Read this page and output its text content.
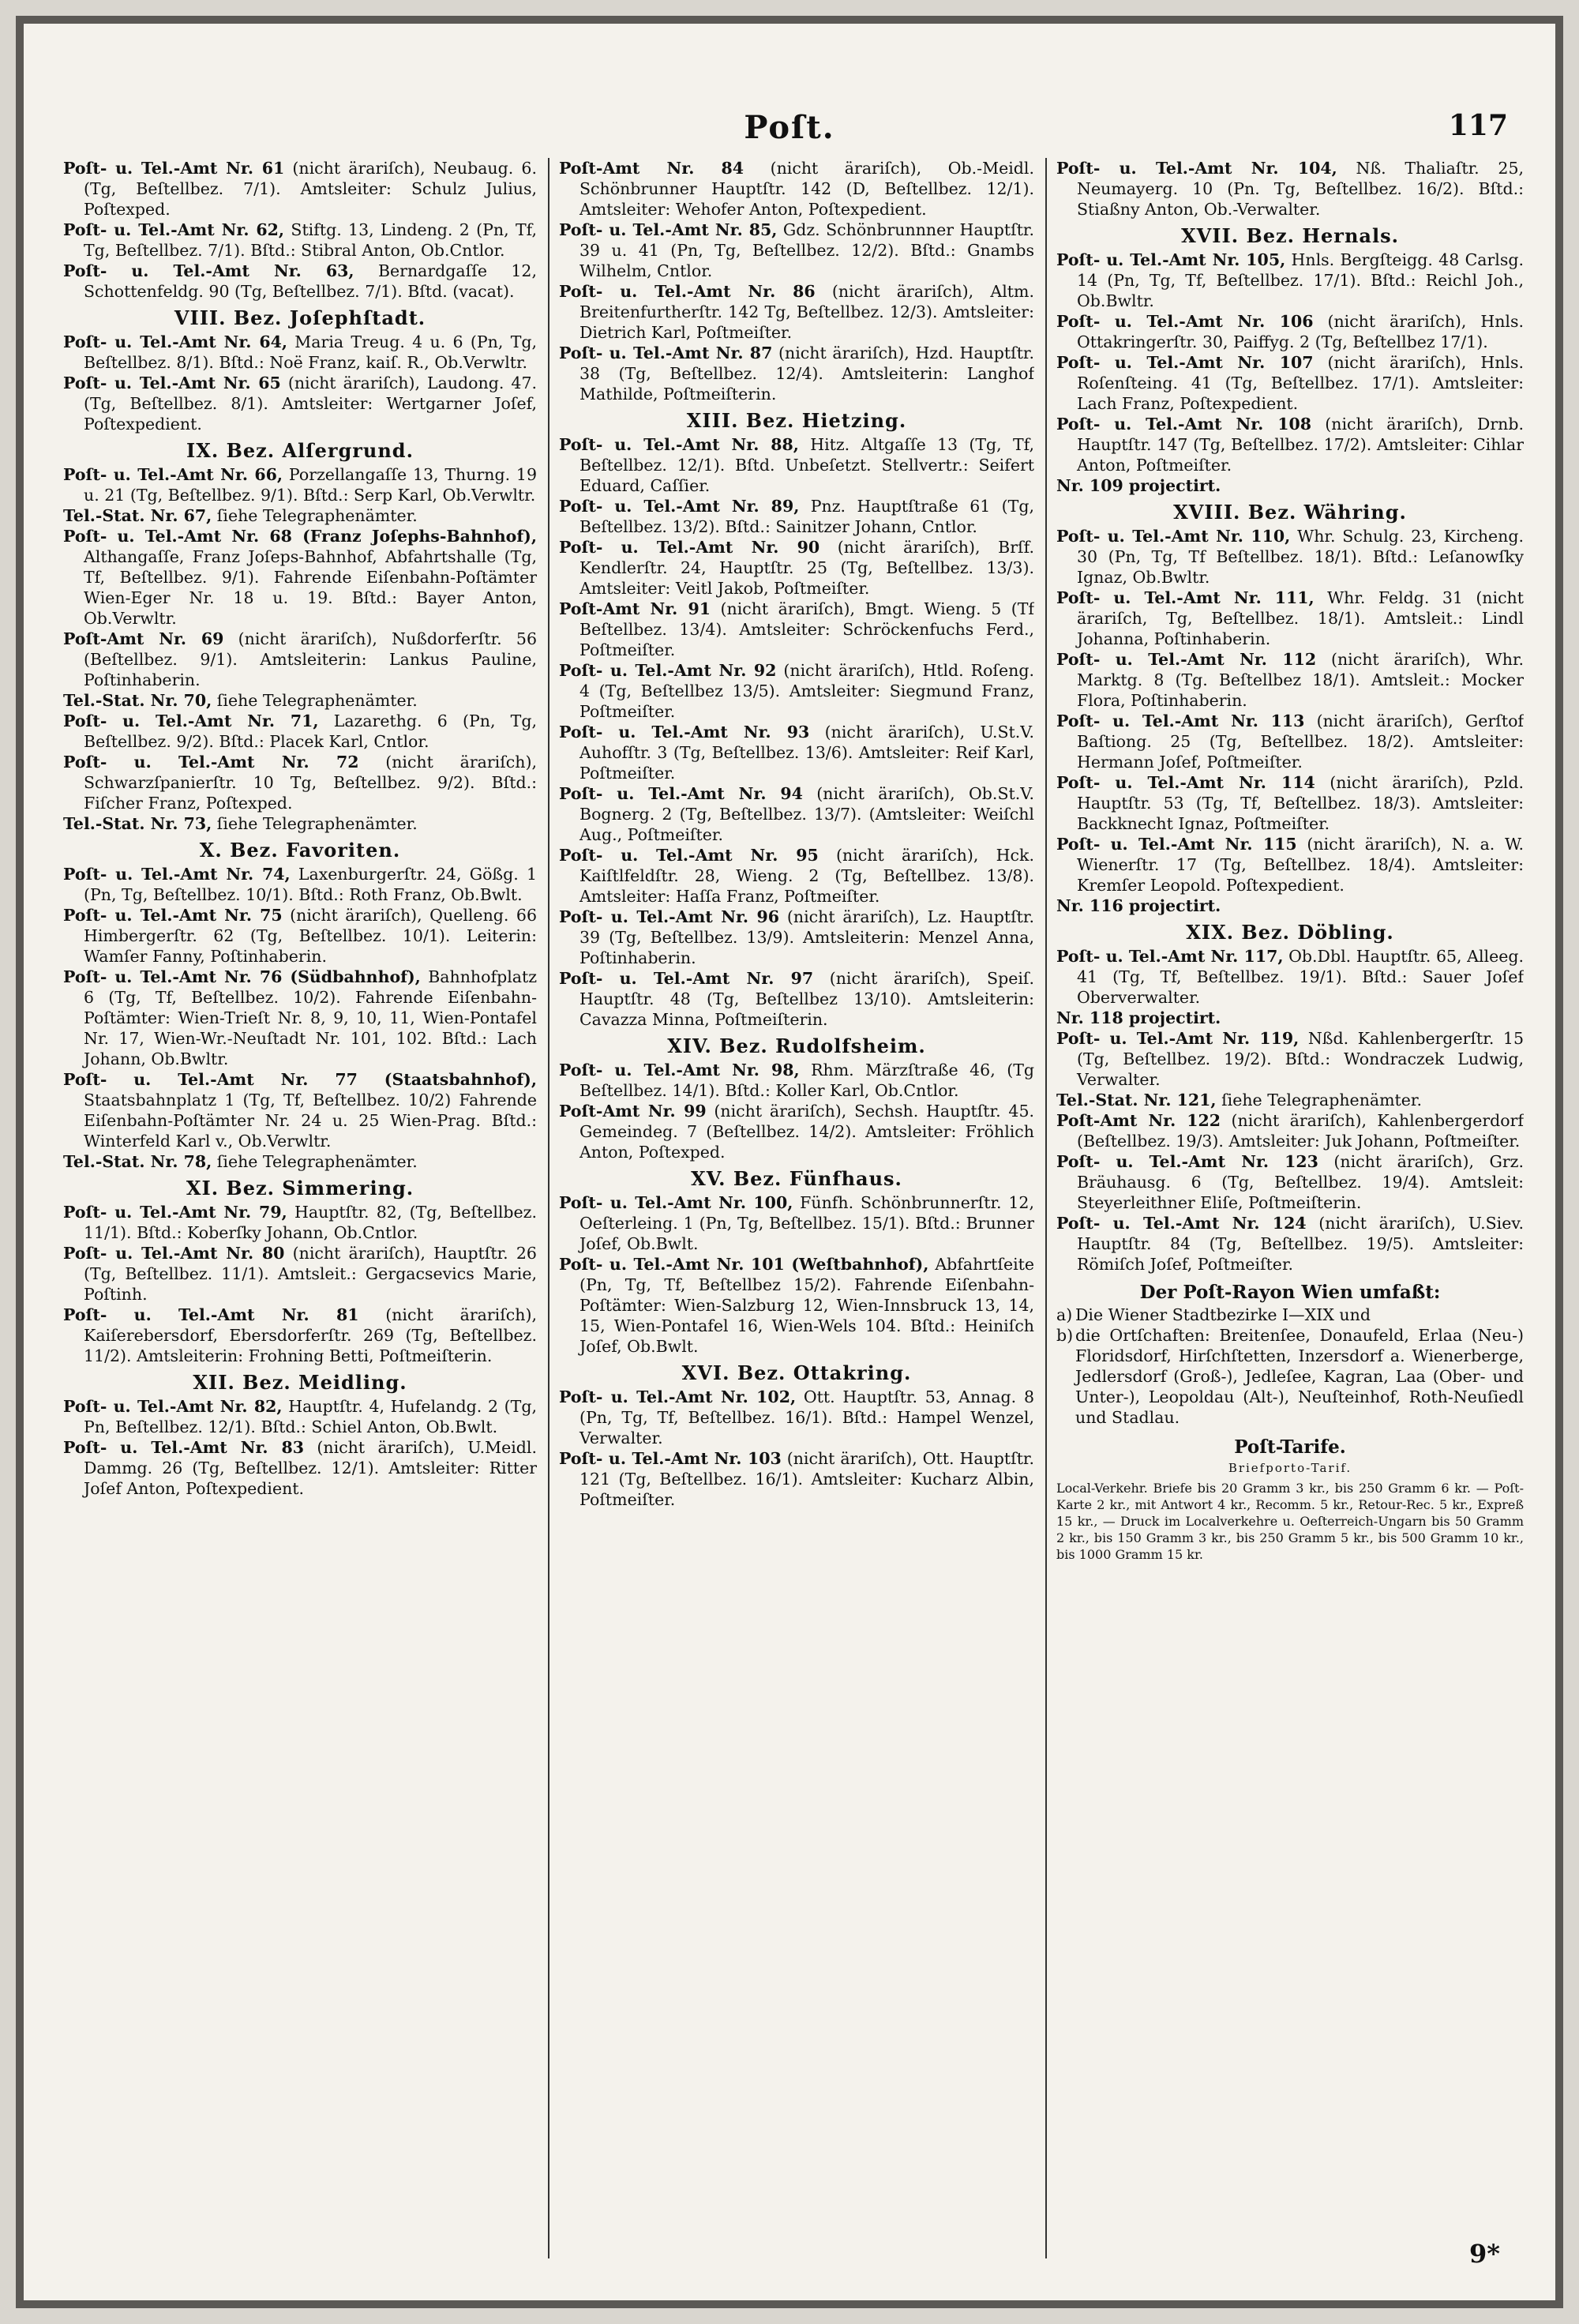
Poſt.	117

Poſt- u. Tel.-Amt Nr. 61 (nicht ärariſch), Neubaug. 6. (Tg, Beſtellbez. 7/1). Amtsleiter: Schulz Julius, Poſtexped.

Poſt- u. Tel.-Amt Nr. 62, Stiftg. 13, Lindeng. 2 (Pn, Tf, Tg, Beſtellbez. 7/1). Bſtd.: Stibral Anton, Ob.Cntlor.

Poſt- u. Tel.-Amt Nr. 63, Bernardgaſſe 12, Schottenfeldg. 90 (Tg, Beſtellbez. 7/1). Bſtd. (vacat).

VIII. Bez. Joſephſtadt.

Poſt- u. Tel.-Amt Nr. 64, Maria Treug. 4 u. 6 (Pn, Tg, Beſtellbez. 8/1). Bſtd.: Noë Franz, kaiſ. R., Ob.Verwltr.

Poſt- u. Tel.-Amt Nr. 65 (nicht ärariſch), Laudong. 47. (Tg, Beſtellbez. 8/1). Amtsleiter: Wertgarner Joſef, Poſtexpedient.

IX. Bez. Alſergrund.

Poſt- u. Tel.-Amt Nr. 66, Porzellangaſſe 13, Thurng. 19 u. 21 (Tg, Beſtellbez. 9/1). Bſtd.: Serp Karl, Ob.Verwltr.

Tel.-Stat. Nr. 67, ſiehe Telegraphenämter.

Poſt- u. Tel.-Amt Nr. 68 (Franz Joſephs-Bahnhof), Althangaſſe, Franz Joſeps-Bahnhof, Abfahrtshalle (Tg, Tf, Beſtellbez. 9/1). Fahrende Eiſenbahn-Poſtämter Wien-Eger Nr. 18 u. 19. Bſtd.: Bayer Anton, Ob.Verwltr.

Poſt-Amt Nr. 69 (nicht ärariſch), Nußdorferſtr. 56 (Beſtellbez. 9/1). Amtsleiterin: Lankus Pauline, Poſtinhaberin.

Tel.-Stat. Nr. 70, ſiehe Telegraphenämter.

Poſt- u. Tel.-Amt Nr. 71, Lazarethg. 6 (Pn, Tg, Beſtellbez. 9/2). Bſtd.: Placek Karl, Cntlor.

Poſt- u. Tel.-Amt Nr. 72 (nicht ärariſch), Schwarzſpanierſtr. 10 Tg, Beſtellbez. 9/2). Bſtd.: Fiſcher Franz, Poſtexped.

Tel.-Stat. Nr. 73, ſiehe Telegraphenämter.

X. Bez. Favoriten.

Poſt- u. Tel.-Amt Nr. 74, Laxenburgerſtr. 24, Gößg. 1 (Pn, Tg, Beſtellbez. 10/1). Bſtd.: Roth Franz, Ob.Bwlt.

Poſt- u. Tel.-Amt Nr. 75 (nicht ärariſch), Quelleng. 66 Himbergerſtr. 62 (Tg, Beſtellbez. 10/1). Leiterin: Wamſer Fanny, Poſtinhaberin.

Poſt- u. Tel.-Amt Nr. 76 (Südbahnhof), Bahnhofplatz 6 (Tg, Tf, Beſtellbez. 10/2). Fahrende Eiſenbahn-Poſtämter: Wien-Trieſt Nr. 8, 9, 10, 11, Wien-Pontafel Nr. 17, Wien-Wr.-Neuſtadt Nr. 101, 102. Bſtd.: Lach Johann, Ob.Bwltr.

Poſt- u. Tel.-Amt Nr. 77 (Staatsbahnhof), Staatsbahnplatz 1 (Tg, Tf, Beſtellbez. 10/2) Fahrende Eiſenbahn-Poſtämter Nr. 24 u. 25 Wien-Prag. Bſtd.: Winterfeld Karl v., Ob.Verwltr.

Tel.-Stat. Nr. 78, ſiehe Telegraphenämter.

XI. Bez. Simmering.

Poſt- u. Tel.-Amt Nr. 79, Hauptſtr. 82, (Tg, Beſtellbez. 11/1). Bſtd.: Koberſky Johann, Ob.Cntlor.

Poſt- u. Tel.-Amt Nr. 80 (nicht ärariſch), Hauptſtr. 26 (Tg, Beſtellbez. 11/1). Amtsleit.: Gergacsevics Marie, Poſtinh.

Poſt- u. Tel.-Amt Nr. 81 (nicht ärariſch), Kaiſerebersdorf, Ebersdorferſtr. 269 (Tg, Beſtellbez. 11/2). Amtsleiterin: Frohning Betti, Poſtmeiſterin.

XII. Bez. Meidling.

Poſt- u. Tel.-Amt Nr. 82, Hauptſtr. 4, Hufelandg. 2 (Tg, Pn, Beſtellbez. 12/1). Bſtd.: Schiel Anton, Ob.Bwlt.

Poſt- u. Tel.-Amt Nr. 83 (nicht ärariſch), U.Meidl. Dammg. 26 (Tg, Beſtellbez. 12/1). Amtsleiter: Ritter Joſef Anton, Poſtexpedient.

Poſt-Amt Nr. 84 (nicht ärariſch), Ob.-Meidl. Schönbrunner Hauptſtr. 142 (D, Beſtellbez. 12/1). Amtsleiter: Wehofer Anton, Poſtexpedient.

Poſt- u. Tel.-Amt Nr. 85, Gdz. Schönbrunnner Hauptſtr. 39 u. 41 (Pn, Tg, Beſtellbez. 12/2). Bſtd.: Gnambs Wilhelm, Cntlor.

Poſt- u. Tel.-Amt Nr. 86 (nicht ärariſch), Altm. Breitenfurtherſtr. 142 Tg, Beſtellbez. 12/3). Amtsleiter: Dietrich Karl, Poſtmeiſter.

Poſt- u. Tel.-Amt Nr. 87 (nicht ärariſch), Hzd. Hauptſtr. 38 (Tg, Beſtellbez. 12/4). Amtsleiterin: Langhof Mathilde, Poſtmeiſterin.

XIII. Bez. Hietzing.

Poſt- u. Tel.-Amt Nr. 88, Hitz. Altgaſſe 13 (Tg, Tf, Beſtellbez. 12/1). Bſtd. Unbeſetzt. Stellvertr.: Seifert Eduard, Caſſier.

Poſt- u. Tel.-Amt Nr. 89, Pnz. Hauptſtraße 61 (Tg, Beſtellbez. 13/2). Bſtd.: Sainitzer Johann, Cntlor.

Poſt- u. Tel.-Amt Nr. 90 (nicht ärariſch), Brſf. Kendlerſtr. 24, Hauptſtr. 25 (Tg, Beſtellbez. 13/3). Amtsleiter: Veitl Jakob, Poſtmeiſter.

Poſt-Amt Nr. 91 (nicht ärariſch), Bmgt. Wieng. 5 (Tf Beſtellbez. 13/4). Amtsleiter: Schröckenfuchs Ferd., Poſtmeiſter.

Poſt- u. Tel.-Amt Nr. 92 (nicht ärariſch), Htld. Roſeng. 4 (Tg, Beſtellbez 13/5). Amtsleiter: Siegmund Franz, Poſtmeiſter.

Poſt- u. Tel.-Amt Nr. 93 (nicht ärariſch), U.St.V. Auhofſtr. 3 (Tg, Beſtellbez. 13/6). Amtsleiter: Reif Karl, Poſtmeiſter.

Poſt- u. Tel.-Amt Nr. 94 (nicht ärariſch), Ob.St.V. Bognerg. 2 (Tg, Beſtellbez. 13/7). (Amtsleiter: Weiſchl Aug., Poſtmeiſter.

Poſt- u. Tel.-Amt Nr. 95 (nicht ärariſch), Hck. Kaiſtlfeldſtr. 28, Wieng. 2 (Tg, Beſtellbez. 13/8). Amtsleiter: Haſſa Franz, Poſtmeiſter.

Poſt- u. Tel.-Amt Nr. 96 (nicht ärariſch), Lz. Hauptſtr. 39 (Tg, Beſtellbez. 13/9). Amtsleiterin: Menzel Anna, Poſtinhaberin.

Poſt- u. Tel.-Amt Nr. 97 (nicht ärariſch), Speiſ. Hauptſtr. 48 (Tg, Beſtellbez 13/10). Amtsleiterin: Cavazza Minna, Poſtmeiſterin.

XIV. Bez. Rudolfsheim.

Poſt- u. Tel.-Amt Nr. 98, Rhm. Märzſtraße 46, (Tg Beſtellbez. 14/1). Bſtd.: Koller Karl, Ob.Cntlor.

Poſt-Amt Nr. 99 (nicht ärariſch), Sechsh. Hauptſtr. 45. Gemeindeg. 7 (Beſtellbez. 14/2). Amtsleiter: Fröhlich Anton, Poſtexped.

XV. Bez. Fünfhaus.

Poſt- u. Tel.-Amt Nr. 100, Fünfh. Schönbrunnerſtr. 12, Oeſterleing. 1 (Pn, Tg, Beſtellbez. 15/1). Bſtd.: Brunner Joſef, Ob.Bwlt.

Poſt- u. Tel.-Amt Nr. 101 (Weſtbahnhof), Abfahrtſeite (Pn, Tg, Tf, Beſtellbez 15/2). Fahrende Eiſenbahn-Poſtämter: Wien-Salzburg 12, Wien-Innsbruck 13, 14, 15, Wien-Pontafel 16, Wien-Wels 104. Bſtd.: Heiniſch Joſef, Ob.Bwlt.

XVI. Bez. Ottakring.

Poſt- u. Tel.-Amt Nr. 102, Ott. Hauptſtr. 53, Annag. 8 (Pn, Tg, Tf, Beſtellbez. 16/1). Bſtd.: Hampel Wenzel, Verwalter.

Poſt- u. Tel.-Amt Nr. 103 (nicht ärariſch), Ott. Hauptſtr. 121 (Tg, Beſtellbez. 16/1). Amtsleiter: Kucharz Albin, Poſtmeiſter.

Poſt- u. Tel.-Amt Nr. 104, Nß. Thaliaſtr. 25, Neumayerg. 10 (Pn. Tg, Beſtellbez. 16/2). Bſtd.: Stiaßny Anton, Ob.-Verwalter.

XVII. Bez. Hernals.

Poſt- u. Tel.-Amt Nr. 105, Hnls. Bergſteigg. 48 Carlsg. 14 (Pn, Tg, Tf, Beſtellbez. 17/1). Bſtd.: Reichl Joh., Ob.Bwltr.

Poſt- u. Tel.-Amt Nr. 106 (nicht ärariſch), Hnls. Ottakringerſtr. 30, Paiffyg. 2 (Tg, Beſtellbez 17/1).

Poſt- u. Tel.-Amt Nr. 107 (nicht ärariſch), Hnls. Roſenſteing. 41 (Tg, Beſtellbez. 17/1). Amtsleiter: Lach Franz, Poſtexpedient.

Poſt- u. Tel.-Amt Nr. 108 (nicht ärariſch), Drnb. Hauptſtr. 147 (Tg, Beſtellbez. 17/2). Amtsleiter: Cihlar Anton, Poſtmeiſter.

Nr. 109 projectirt.

XVIII. Bez. Währing.

Poſt- u. Tel.-Amt Nr. 110, Whr. Schulg. 23, Kircheng. 30 (Pn, Tg, Tf Beſtellbez. 18/1). Bſtd.: Leſanowſky Ignaz, Ob.Bwltr.

Poſt- u. Tel.-Amt Nr. 111, Whr. Feldg. 31 (nicht ärariſch, Tg, Beſtellbez. 18/1). Amtsleit.: Lindl Johanna, Poſtinhaberin.

Poſt- u. Tel.-Amt Nr. 112 (nicht ärariſch), Whr. Marktg. 8 (Tg. Beſtellbez 18/1). Amtsleit.: Mocker Flora, Poſtinhaberin.

Poſt- u. Tel.-Amt Nr. 113 (nicht ärariſch), Gerſtof Baſtiong. 25 (Tg, Beſtellbez. 18/2). Amtsleiter: Hermann Joſef, Poſtmeiſter.

Poſt- u. Tel.-Amt Nr. 114 (nicht ärariſch), Pzld. Hauptſtr. 53 (Tg, Tf, Beſtellbez. 18/3). Amtsleiter: Backknecht Ignaz, Poſtmeiſter.

Poſt- u. Tel.-Amt Nr. 115 (nicht ärariſch), N. a. W. Wienerſtr. 17 (Tg, Beſtellbez. 18/4). Amtsleiter: Kremſer Leopold. Poſtexpedient.

Nr. 116 projectirt.

XIX. Bez. Döbling.

Poſt- u. Tel.-Amt Nr. 117, Ob.Dbl. Hauptſtr. 65, Alleeg. 41 (Tg, Tf, Beſtellbez. 19/1). Bſtd.: Sauer Joſef Oberverwalter.

Nr. 118 projectirt.

Poſt- u. Tel.-Amt Nr. 119, Nßd. Kahlenbergerſtr. 15 (Tg, Beſtellbez. 19/2). Bſtd.: Wondraczek Ludwig, Verwalter.

Tel.-Stat. Nr. 121, ſiehe Telegraphenämter.

Poſt-Amt Nr. 122 (nicht ärariſch), Kahlenbergerdorf (Beſtellbez. 19/3). Amtsleiter: Juk Johann, Poſtmeiſter.

Poſt- u. Tel.-Amt Nr. 123 (nicht ärariſch), Grz. Bräuhausg. 6 (Tg, Beſtellbez. 19/4). Amtsleit: Steyerleithner Eliſe, Poſtmeiſterin.

Poſt- u. Tel.-Amt Nr. 124 (nicht ärariſch), U.Siev. Hauptſtr. 84 (Tg, Beſtellbez. 19/5). Amtsleiter: Römiſch Joſef, Poſtmeiſter.

Der Poſt-Rayon Wien umfaßt:
a) Die Wiener Stadtbezirke I—XIX und
b) die Ortſchaften: Breitenſee, Donaufeld, Erlaa (Neu-) Floridsdorf, Hirſchſtetten, Inzersdorf a. Wienerberge, Jedlersdorf (Groß-), Jedleſee, Kagran, Laa (Ober- und Unter-), Leopoldau (Alt-), Neuſteinhof, Roth-Neuſiedl und Stadlau.
Poſt-Tarife.
Briefporto-Tarif.

Local-Verkehr. Briefe bis 20 Gramm 3 kr., bis 250 Gramm 6 kr. — Poſt-Karte 2 kr., mit Antwort 4 kr., Recomm. 5 kr., Retour-Rec. 5 kr., Expreß 15 kr., — Druck im Localverkehre u. Oeſterreich-Ungarn bis 50 Gramm 2 kr., bis 150 Gramm 3 kr., bis 250 Gramm 5 kr., bis 500 Gramm 10 kr., bis 1000 Gramm 15 kr.

9*
